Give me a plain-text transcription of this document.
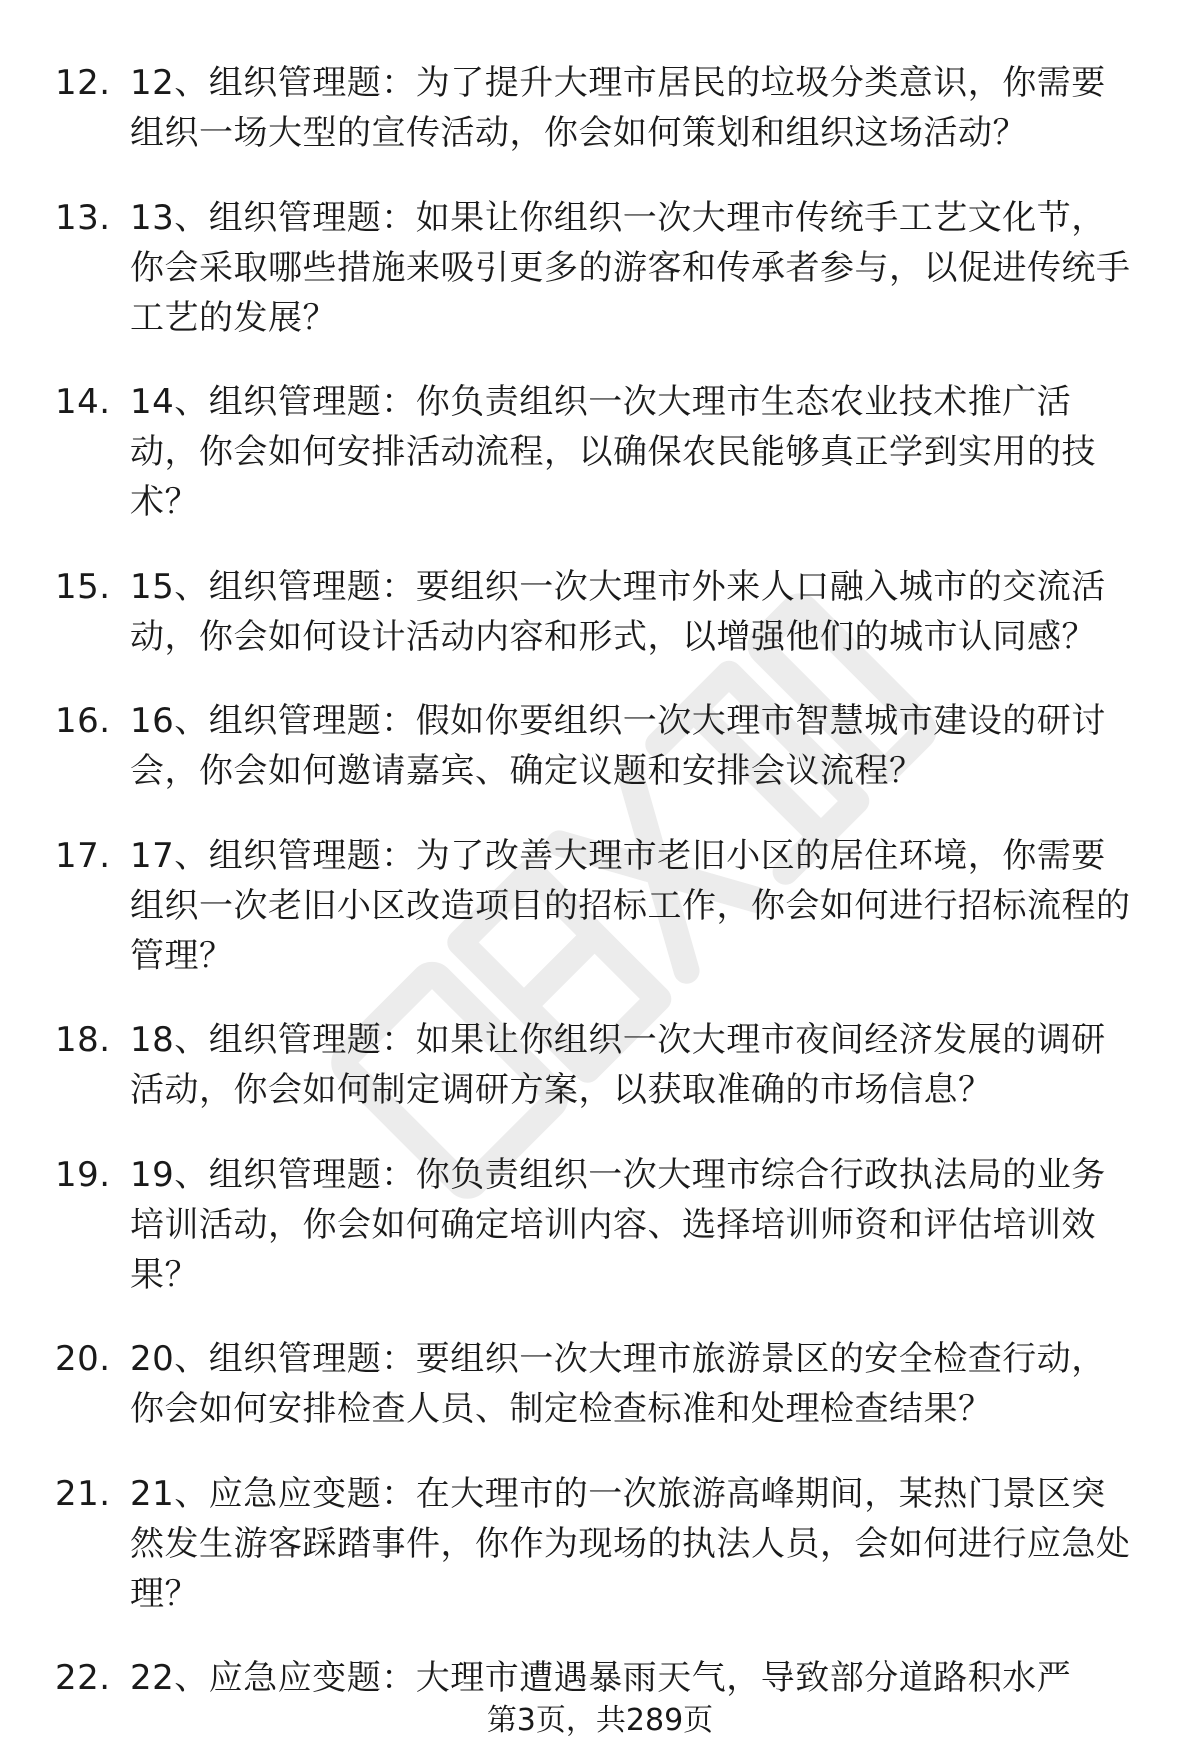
12. 12、组织管理题：为了提升大理市居民的垃圾分类意识，你需要组织一场大型的宣传活动，你会如何策划和组织这场活动？
13. 13、组织管理题：如果让你组织一次大理市传统手工艺文化节，你会采取哪些措施来吸引更多的游客和传承者参与，以促进传统手工艺的发展？
14. 14、组织管理题：你负责组织一次大理市生态农业技术推广活动，你会如何安排活动流程，以确保农民能够真正学到实用的技术？
15. 15、组织管理题：要组织一次大理市外来人口融入城市的交流活动，你会如何设计活动内容和形式，以增强他们的城市认同感？
16. 16、组织管理题：假如你要组织一次大理市智慧城市建设的研讨会，你会如何邀请嘉宾、确定议题和安排会议流程？
17. 17、组织管理题：为了改善大理市老旧小区的居住环境，你需要组织一次老旧小区改造项目的招标工作，你会如何进行招标流程的管理？
18. 18、组织管理题：如果让你组织一次大理市夜间经济发展的调研活动，你会如何制定调研方案，以获取准确的市场信息？
19. 19、组织管理题：你负责组织一次大理市综合行政执法局的业务培训活动，你会如何确定培训内容、选择培训师资和评估培训效果？
20. 20、组织管理题：要组织一次大理市旅游景区的安全检查行动，你会如何安排检查人员、制定检查标准和处理检查结果？
21. 21、应急应变题：在大理市的一次旅游高峰期间，某热门景区突然发生游客踩踏事件，你作为现场的执法人员，会如何进行应急处理？
22. 22、应急应变题：大理市遭遇暴雨天气，导致部分道路积水严
第3页，共289页
